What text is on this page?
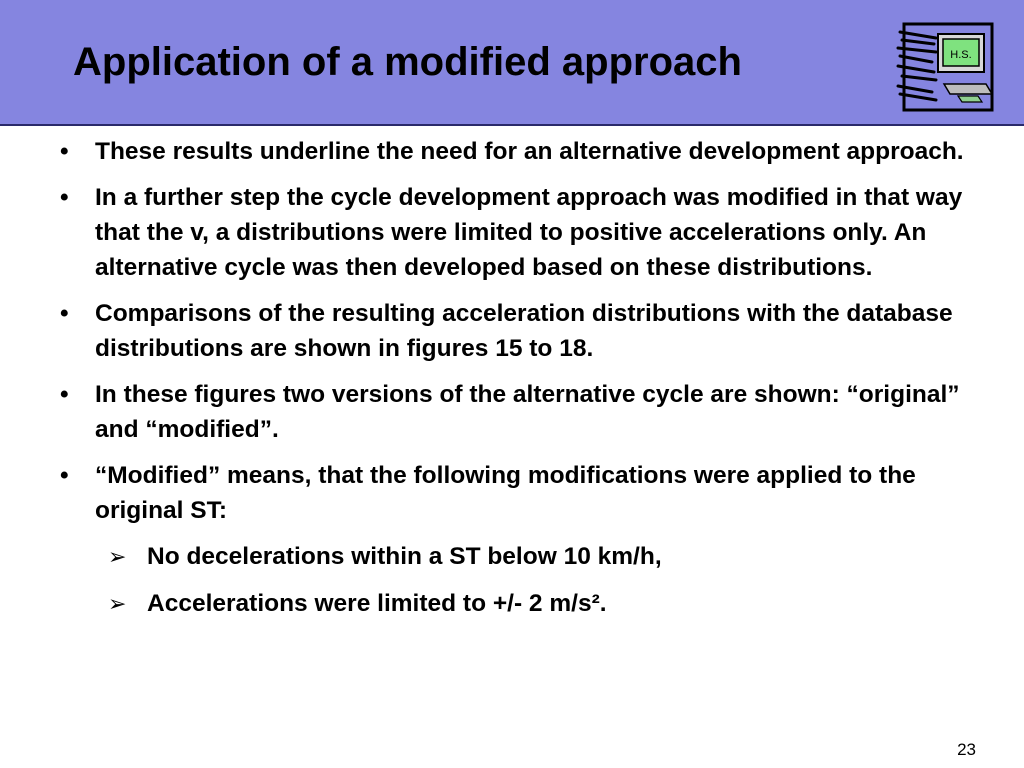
Application of a modified approach	H.S.
• These results underline the need for an alternative development approach.
• In a further step the cycle development approach was modified in that way that the v, a distributions were limited to positive accelerations only. An alternative cycle was then developed based on these distributions.
• Comparisons of the resulting acceleration distributions with the database distributions are shown in figures 15 to 18.
• In these figures two versions of the alternative cycle are shown: “original” and “modified”.
• “Modified” means, that the following modifications were applied to the original ST:
➢ No decelerations within a ST below 10 km/h,
➢ Accelerations were limited to +/- 2 m/s².
23
